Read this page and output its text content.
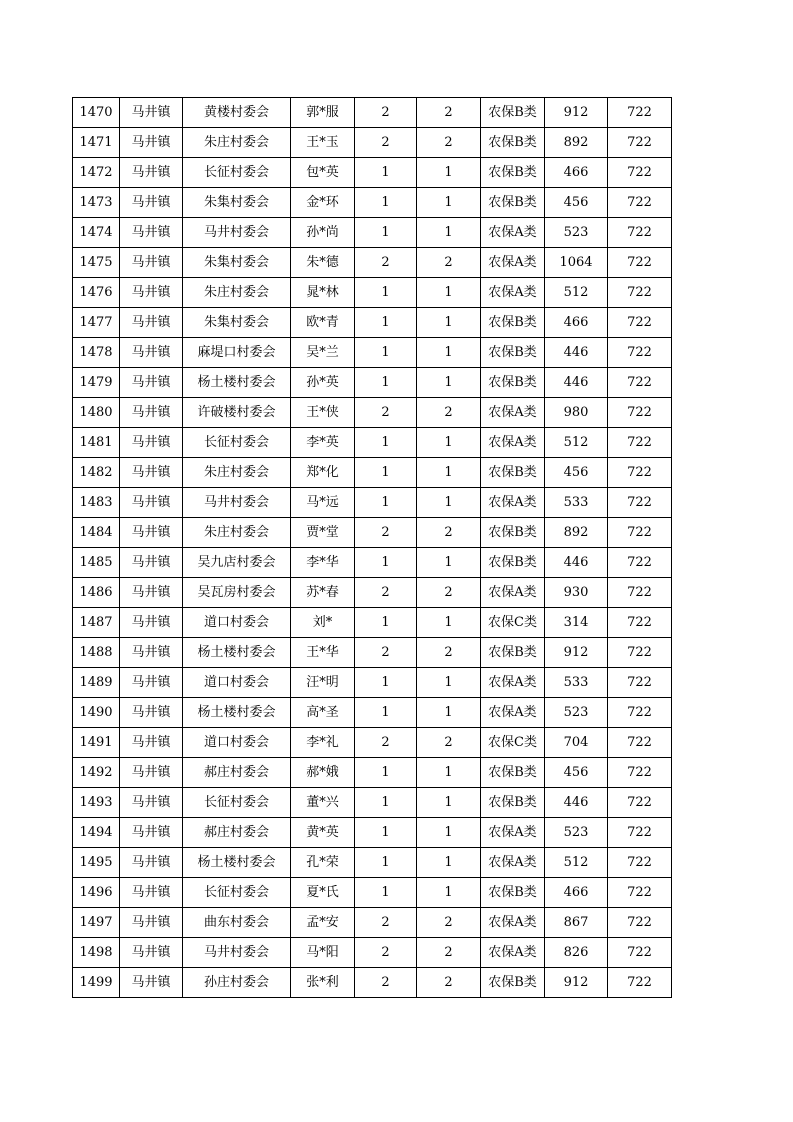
1470	马井镇	黄楼村委会	郭*服	2	2	农保B类	912	722
1471	马井镇	朱庄村委会	王*玉	2	2	农保B类	892	722
1472	马井镇	长征村委会	包*英	1	1	农保B类	466	722
1473	马井镇	朱集村委会	金*环	1	1	农保B类	456	722
1474	马井镇	马井村委会	孙*尚	1	1	农保A类	523	722
1475	马井镇	朱集村委会	朱*德	2	2	农保A类	1064	722
1476	马井镇	朱庄村委会	晁*林	1	1	农保A类	512	722
1477	马井镇	朱集村委会	欧*青	1	1	农保B类	466	722
1478	马井镇	麻堤口村委会	吴*兰	1	1	农保B类	446	722
1479	马井镇	杨土楼村委会	孙*英	1	1	农保B类	446	722
1480	马井镇	许破楼村委会	王*侠	2	2	农保A类	980	722
1481	马井镇	长征村委会	李*英	1	1	农保A类	512	722
1482	马井镇	朱庄村委会	郑*化	1	1	农保B类	456	722
1483	马井镇	马井村委会	马*远	1	1	农保A类	533	722
1484	马井镇	朱庄村委会	贾*堂	2	2	农保B类	892	722
1485	马井镇	吴九店村委会	李*华	1	1	农保B类	446	722
1486	马井镇	吴瓦房村委会	苏*春	2	2	农保A类	930	722
1487	马井镇	道口村委会	刘*	1	1	农保C类	314	722
1488	马井镇	杨土楼村委会	王*华	2	2	农保B类	912	722
1489	马井镇	道口村委会	汪*明	1	1	农保A类	533	722
1490	马井镇	杨土楼村委会	高*圣	1	1	农保A类	523	722
1491	马井镇	道口村委会	李*礼	2	2	农保C类	704	722
1492	马井镇	郝庄村委会	郝*娥	1	1	农保B类	456	722
1493	马井镇	长征村委会	董*兴	1	1	农保B类	446	722
1494	马井镇	郝庄村委会	黄*英	1	1	农保A类	523	722
1495	马井镇	杨土楼村委会	孔*荣	1	1	农保A类	512	722
1496	马井镇	长征村委会	夏*氏	1	1	农保B类	466	722
1497	马井镇	曲东村委会	孟*安	2	2	农保A类	867	722
1498	马井镇	马井村委会	马*阳	2	2	农保A类	826	722
1499	马井镇	孙庄村委会	张*利	2	2	农保B类	912	722
